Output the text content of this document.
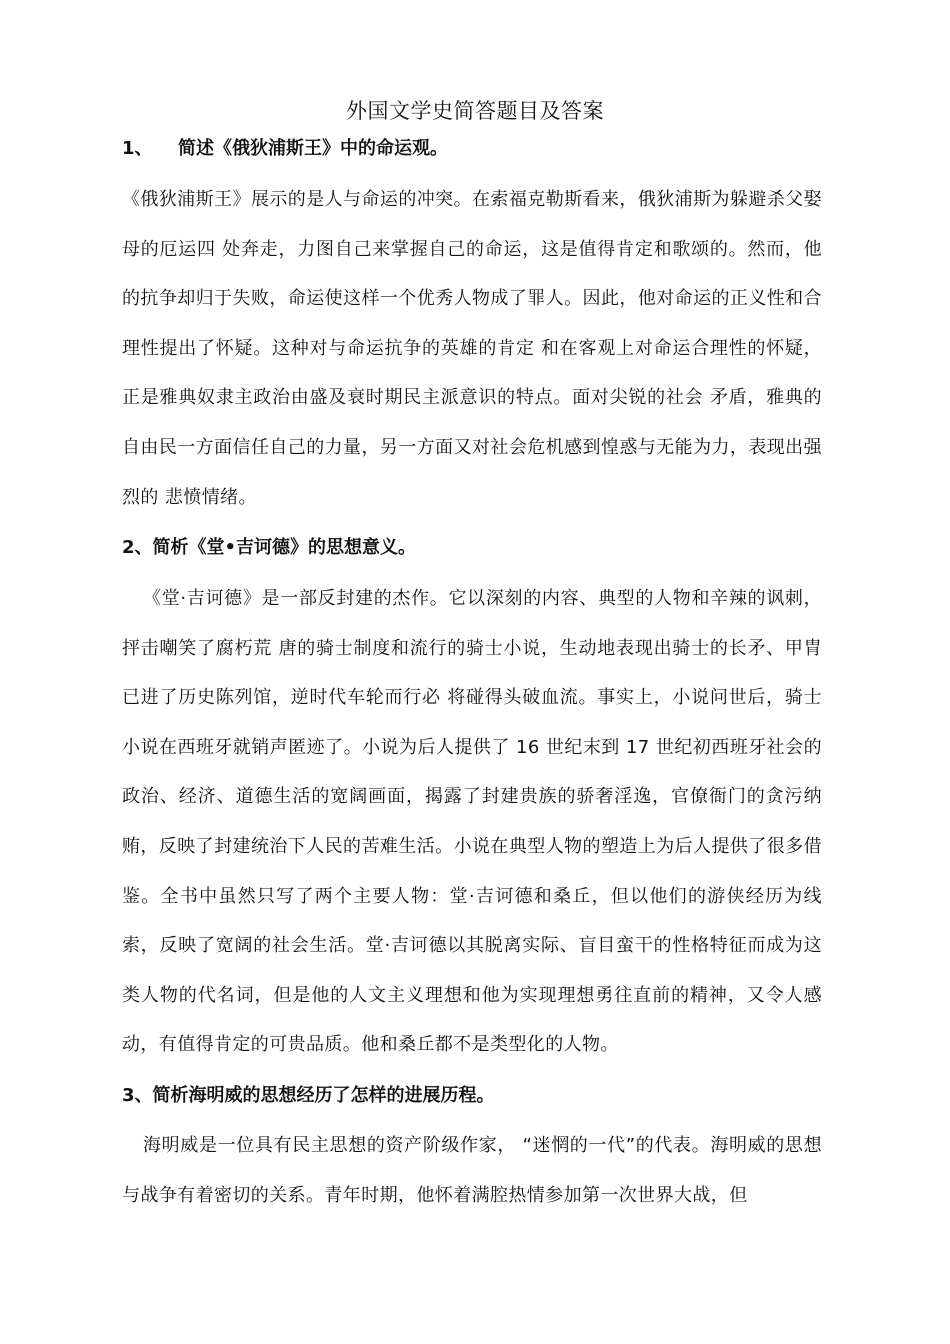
外国文学史简答题目及答案
1、 简述《俄狄浦斯王》中的命运观。

《俄狄浦斯王》展示的是人与命运的冲突。在索福克勒斯看来，俄狄浦斯为躲避杀父娶母的厄运四 处奔走，力图自己来掌握自己的命运，这是值得肯定和歌颂的。然而，他的抗争却归于失败，命运使这样一个优秀人物成了罪人。因此，他对命运的正义性和合理性提出了怀疑。这种对与命运抗争的英雄的肯定 和在客观上对命运合理性的怀疑，正是雅典奴隶主政治由盛及衰时期民主派意识的特点。面对尖锐的社会 矛盾，雅典的自由民一方面信任自己的力量，另一方面又对社会危机感到惶惑与无能为力，表现出强烈的 悲愤情绪。

2、简析《堂•吉诃德》的思想意义。

《堂·吉诃德》是一部反封建的杰作。它以深刻的内容、典型的人物和辛辣的讽刺，抨击嘲笑了腐朽荒 唐的骑士制度和流行的骑士小说，生动地表现出骑士的长矛、甲胄已进了历史陈列馆，逆时代车轮而行必 将碰得头破血流。事实上，小说问世后，骑士小说在西班牙就销声匿迹了。小说为后人提供了 16 世纪末到 17 世纪初西班牙社会的政治、经济、道德生活的宽阔画面，揭露了封建贵族的骄奢淫逸，官僚衙门的贪污纳贿，反映了封建统治下人民的苦难生活。小说在典型人物的塑造上为后人提供了很多借鉴。全书中虽然只写了两个主要人物：堂·吉诃德和桑丘，但以他们的游侠经历为线索，反映了宽阔的社会生活。堂·吉诃德以其脱离实际、盲目蛮干的性格特征而成为这类人物的代名词，但是他的人文主义理想和他为实现理想勇往直前的精神，又令人感动，有值得肯定的可贵品质。他和桑丘都不是类型化的人物。

3、简析海明威的思想经历了怎样的进展历程。

海明威是一位具有民主思想的资产阶级作家， “迷惘的一代”的代表。海明威的思想与战争有着密切的关系。青年时期，他怀着满腔热情参加第一次世界大战，但
